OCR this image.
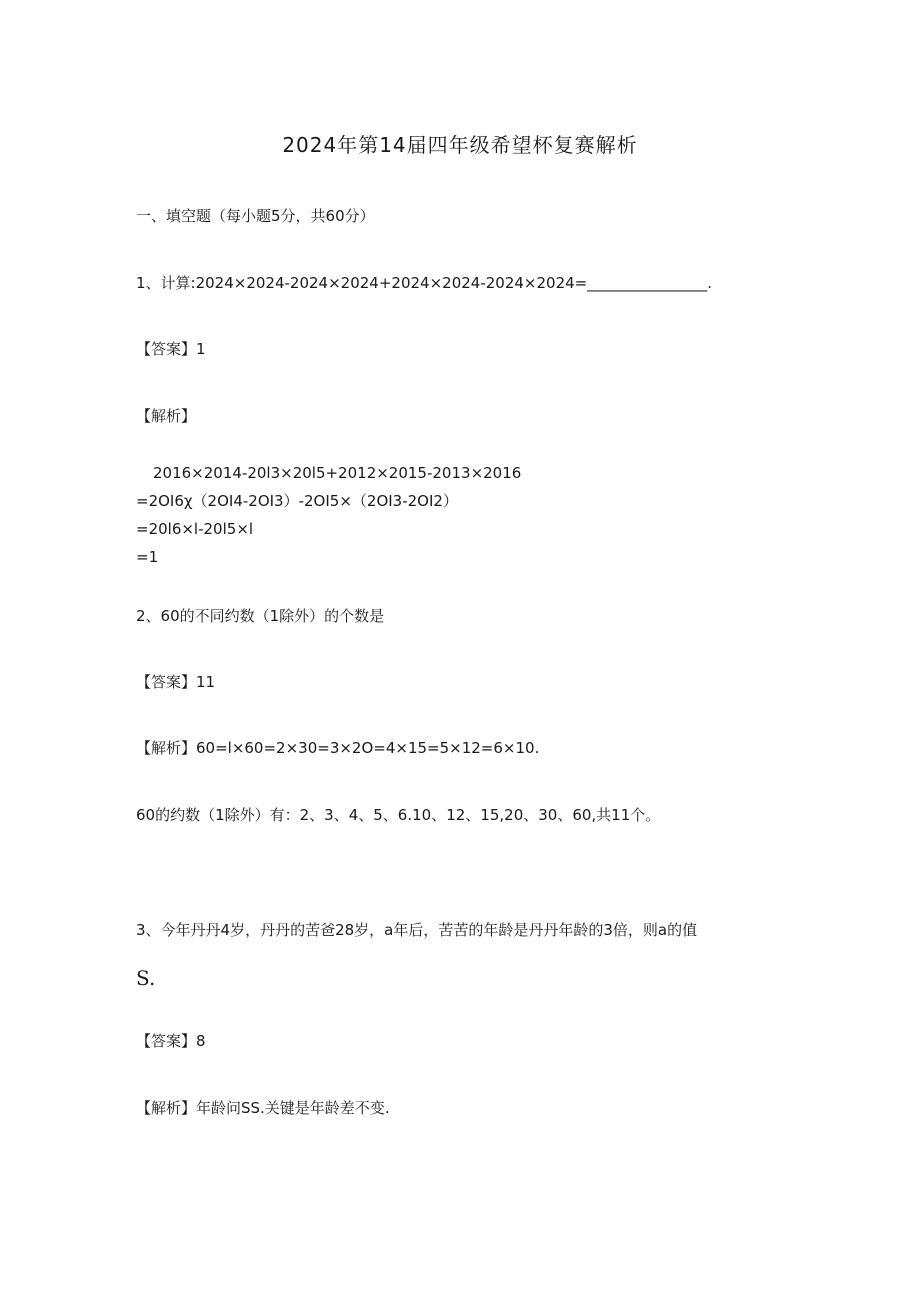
2024年第14届四年级希望杯复赛解析
一、填空题（每小题5分，共60分）
1、计算:2024×2024-2024×2024+2024×2024-2024×2024=________________.
【答案】1
【解析】
2016×2014-20l3×20l5+2012×2015-2013×2016
=2OI6χ（2OI4-2OI3）-2OI5×（2OI3-2OI2）
=20l6×l-20l5×l
=1
2、60的不同约数（1除外）的个数是
【答案】11
【解析】60=l×60=2×30=3×2O=4×15=5×12=6×10.
60的约数（1除外）有：2、3、4、5、6.10、12、15,20、30、60,共11个。
3、今年丹丹4岁，丹丹的苦爸28岁，a年后，苦苦的年龄是丹丹年龄的3倍，则a的值
S.
【答案】8
【解析】年龄问SS.关键是年龄差不变.
